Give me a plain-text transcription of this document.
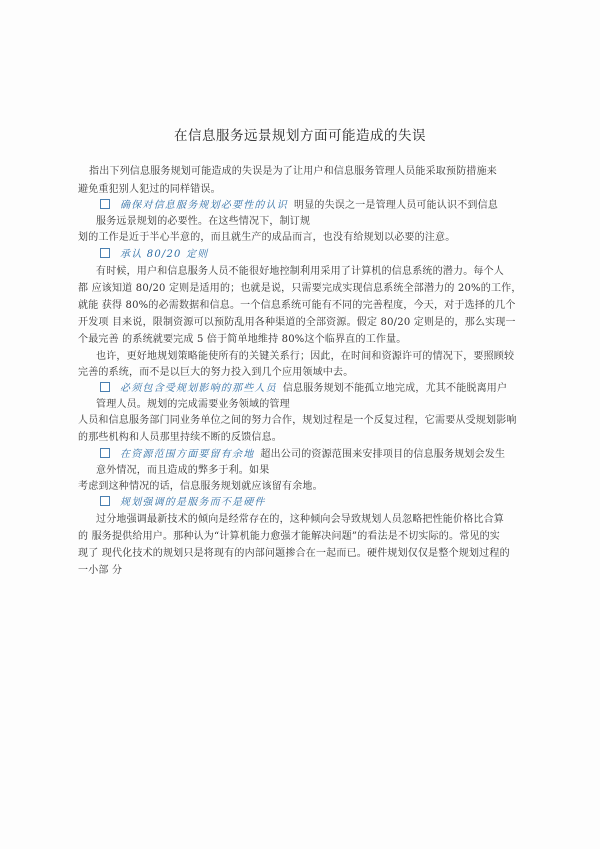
在信息服务远景规划方面可能造成的失误
指出下列信息服务规划可能造成的失误是为了让用户和信息服务管理人员能采取预防措施来
避免重犯别人犯过的同样错误。
确保对信息服务规划必要性的认识 明显的失误之一是管理人员可能认识不到信息
服务远景规划的必要性。在这些情况下，制订规
划的工作是近于半心半意的，而且就生产的成品而言，也没有给规划以必要的注意。
承认 80/20 定则
有时候，用户和信息服务人员不能很好地控制利用采用了计算机的信息系统的潜力。每个人
都 应该知道 80/20 定则是适用的；也就是说，只需要完成实现信息系统全部潜力的 20%的工作，
就能 获得 80%的必需数据和信息。一个信息系统可能有不同的完善程度，今天，对于选择的几个
开发项 目来说，限制资源可以预防乱用各种渠道的全部资源。假定 80/20 定则是的，那么实现一
个最完善 的系统就要完成 5 倍于简单地维持 80%这个临界直的工作量。
也许，更好地规划策略能使所有的关键关系行；因此，在时间和资源许可的情况下，要照顾较
完善的系统，而不是以巨大的努力投入到几个应用领域中去。
必须包含受规划影响的那些人员 信息服务规划不能孤立地完成，尤其不能脱离用户
管理人员。规划的完成需要业务领域的管理
人员和信息服务部门同业务单位之间的努力合作，规划过程是一个反复过程，它需要从受规划影响
的那些机构和人员那里持续不断的反馈信息。
在资源范围方面要留有余地 超出公司的资源范围来安排项目的信息服务规划会发生
意外情况，而且造成的弊多于利。如果
考虑到这种情况的话，信息服务规划就应该留有余地。
规划强调的是服务而不是硬件
过分地强调最新技术的倾向是经常存在的，这种倾向会导致规划人员忽略把性能价格比合算
的 服务提供给用户。那种认为“计算机能力愈强才能解决问题”的看法是不切实际的。常见的实
现了 现代化技术的规划只是将现有的内部问题掺合在一起而已。硬件规划仅仅是整个规划过程的
一小部 分
